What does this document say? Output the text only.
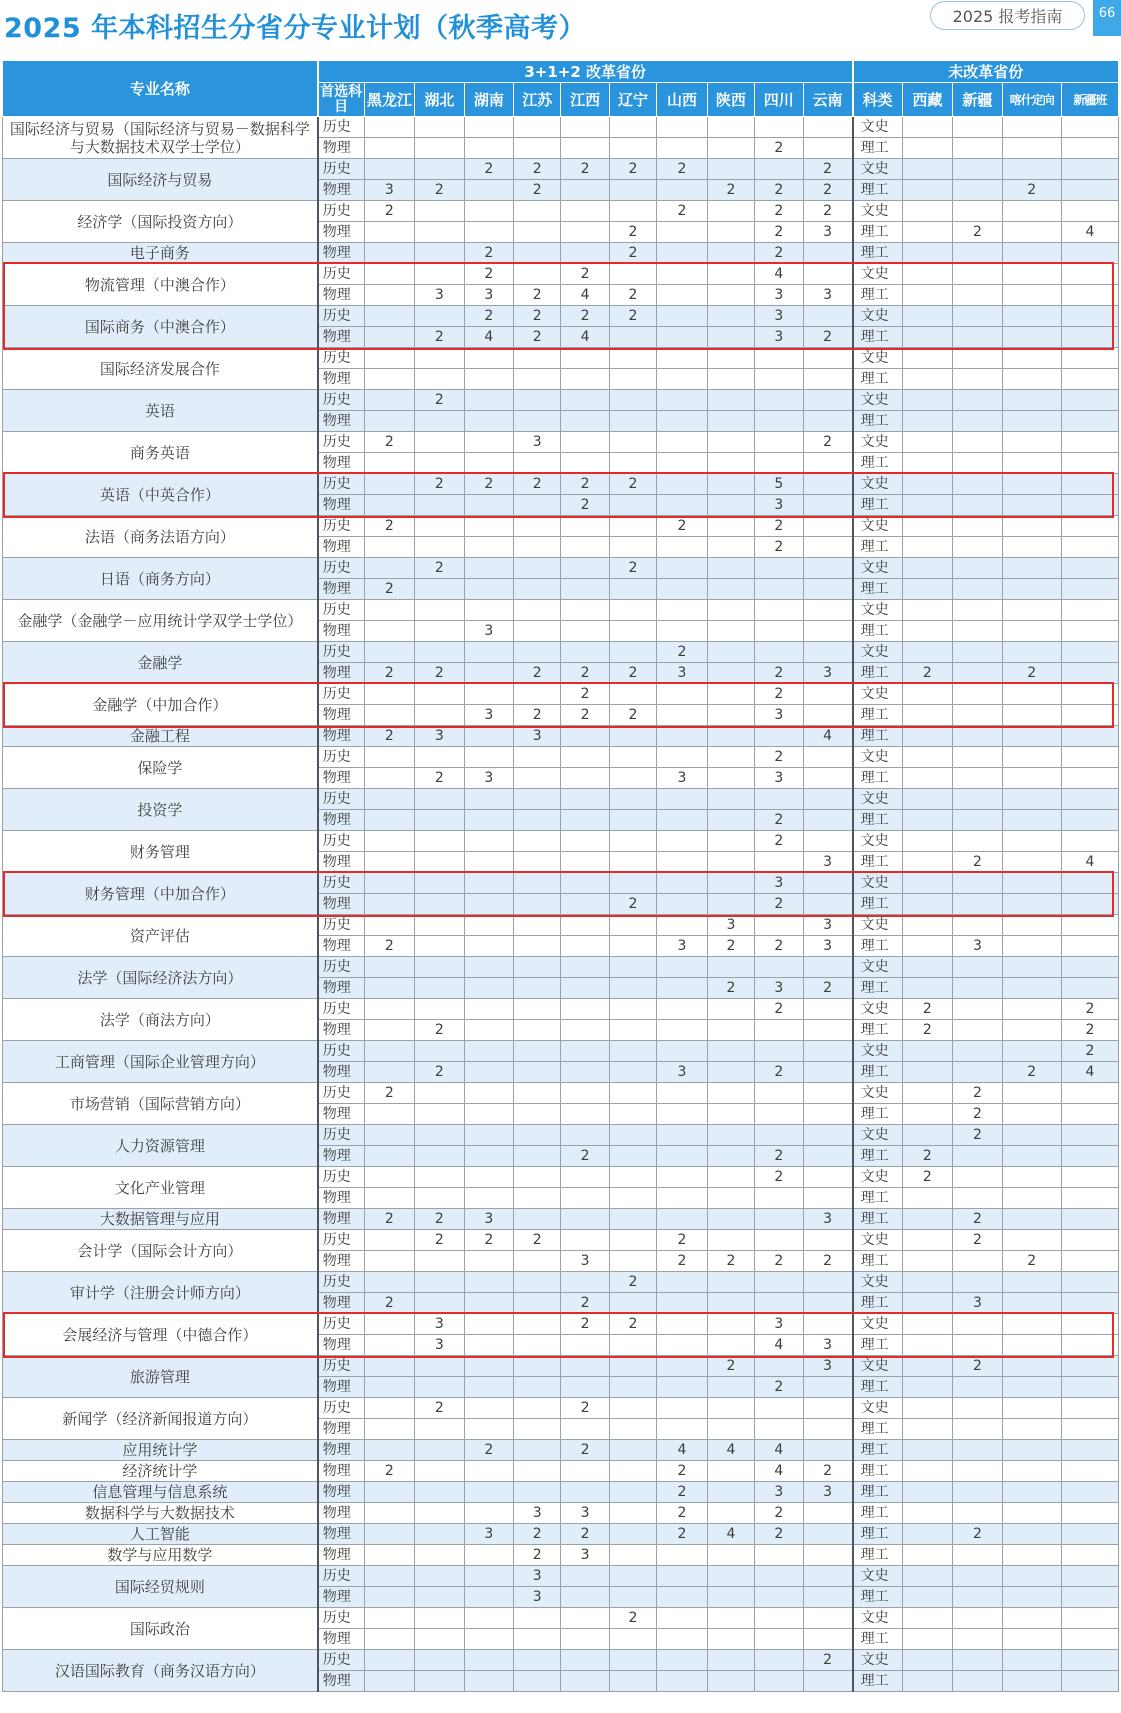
2025 年本科招生分省分专业计划（秋季高考）	2025 报考指南	66
专业名称	3+1+2 改革省份											未改革省份				
	首选科目	黑龙江	湖北	湖南	江苏	江西	辽宁	山西	陕西	四川	云南	科类	西藏	新疆	喀什定向	新疆班
国际经济与贸易（国际经济与贸易－数据科学与大数据技术双学士学位）	历史											文史				
	物理									2		理工				
国际经济与贸易	历史			2	2	2	2	2			2	文史				
	物理	3	2		2				2	2	2	理工			2	
经济学（国际投资方向）	历史	2						2		2	2	文史				
	物理						2			2	3	理工		2		4
电子商务	物理			2			2			2		理工				
物流管理（中澳合作）	历史			2		2				4		文史				
	物理		3	3	2	4	2			3	3	理工				
国际商务（中澳合作）	历史			2	2	2	2			3		文史				
	物理		2	4	2	4				3	2	理工				
国际经济发展合作	历史											文史				
	物理											理工				
英语	历史		2									文史				
	物理											理工				
商务英语	历史	2			3						2	文史				
	物理											理工				
英语（中英合作）	历史		2	2	2	2	2			5		文史				
	物理					2				3		理工				
法语（商务法语方向）	历史	2						2		2		文史				
	物理									2		理工				
日语（商务方向）	历史		2				2					文史				
	物理	2										理工				
金融学（金融学－应用统计学双学士学位）	历史											文史				
	物理			3								理工				
金融学	历史							2				文史				
	物理	2	2		2	2	2	3		2	3	理工	2		2	
金融学（中加合作）	历史					2				2		文史				
	物理			3	2	2	2			3		理工				
金融工程	物理	2	3		3						4	理工				
保险学	历史									2		文史				
	物理		2	3				3		3		理工				
投资学	历史											文史				
	物理									2		理工				
财务管理	历史									2		文史				
	物理										3	理工		2		4
财务管理（中加合作）	历史									3		文史				
	物理						2			2		理工				
资产评估	历史								3		3	文史				
	物理	2						3	2	2	3	理工		3		
法学（国际经济法方向）	历史											文史				
	物理								2	3	2	理工				
法学（商法方向）	历史									2		文史	2			2
	物理		2									理工	2			2
工商管理（国际企业管理方向）	历史											文史				2
	物理		2					3		2		理工			2	4
市场营销（国际营销方向）	历史	2										文史		2		
	物理											理工		2		
人力资源管理	历史											文史		2		
	物理					2				2		理工	2			
文化产业管理	历史									2		文史	2			
	物理											理工				
大数据管理与应用	物理	2	2	3							3	理工		2		
会计学（国际会计方向）	历史		2	2	2			2				文史		2		
	物理					3		2	2	2	2	理工			2	
审计学（注册会计师方向）	历史						2					文史				
	物理	2				2						理工		3		
会展经济与管理（中德合作）	历史		3			2	2			3		文史				
	物理		3							4	3	理工				
旅游管理	历史								2		3	文史		2		
	物理									2		理工				
新闻学（经济新闻报道方向）	历史		2			2						文史				
	物理											理工				
应用统计学	物理			2		2		4	4	4		理工				
经济统计学	物理	2						2		4	2	理工				
信息管理与信息系统	物理							2		3	3	理工				
数据科学与大数据技术	物理				3	3		2		2		理工				
人工智能	物理			3	2	2		2	4	2		理工		2		
数学与应用数学	物理				2	3						理工				
国际经贸规则	历史				3							文史				
	物理				3							理工				
国际政治	历史						2					文史				
	物理											理工				
汉语国际教育（商务汉语方向）	历史										2	文史				
	物理											理工				
